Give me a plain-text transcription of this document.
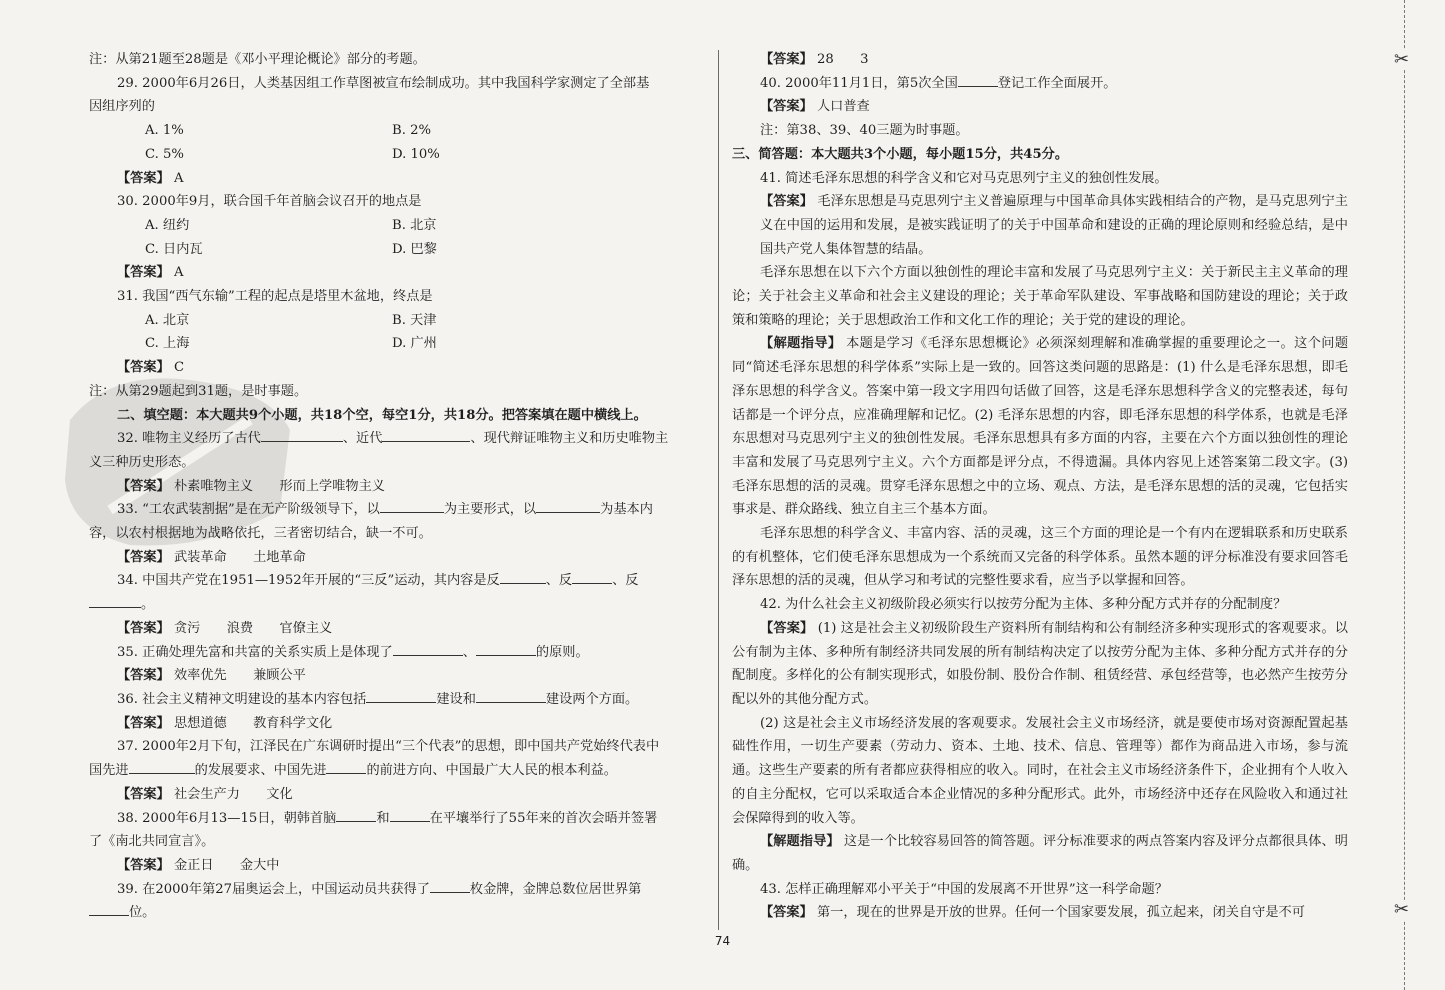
注：从第21题至28题是《邓小平理论概论》部分的考题。

29. 2000年6月26日，人类基因组工作草图被宣布绘制成功。其中我国科学家测定了全部基

因组序列的

A. 1%	B. 2%
C. 5%	D. 10%

【答案】 A

30. 2000年9月，联合国千年首脑会议召开的地点是

A. 纽约	B. 北京
C. 日内瓦	D. 巴黎

【答案】 A

31. 我国“西气东输”工程的起点是塔里木盆地，终点是

A. 北京	B. 天津
C. 上海	D. 广州

【答案】 C

注：从第29题起到31题，是时事题。

二、填空题：本大题共9个小题，共18个空，每空1分，共18分。把答案填在题中横线上。

32. 唯物主义经历了古代	、近代	、现代辩证唯物主义和历史唯物主

义三种历史形态。

【答案】 朴素唯物主义　　形而上学唯物主义

33. “工农武装割据”是在无产阶级领导下，以	为主要形式，以	为基本内

容，以农村根据地为战略依托，三者密切结合，缺一不可。

【答案】 武装革命　　土地革命

34. 中国共产党在1951—1952年开展的“三反”运动，其内容是反	、反	、反

。

【答案】 贪污　　浪费　　官僚主义

35. 正确处理先富和共富的关系实质上是体现了	、	的原则。

【答案】 效率优先　　兼顾公平

36. 社会主义精神文明建设的基本内容包括	建设和	建设两个方面。

【答案】 思想道德　　教育科学文化

37. 2000年2月下旬，江泽民在广东调研时提出“三个代表”的思想，即中国共产党始终代表中

国先进	的发展要求、中国先进	的前进方向、中国最广大人民的根本利益。

【答案】 社会生产力　　文化

38. 2000年6月13—15日，朝韩首脑	和	在平壤举行了55年来的首次会晤并签署

了《南北共同宣言》。

【答案】 金正日　　金大中

39. 在2000年第27届奥运会上，中国运动员共获得了	枚金牌，金牌总数位居世界第

位。

【答案】 28　　3

40. 2000年11月1日，第5次全国	登记工作全面展开。

【答案】 人口普查

注：第38、39、40三题为时事题。

三、简答题：本大题共3个小题，每小题15分，共45分。

41. 简述毛泽东思想的科学含义和它对马克思列宁主义的独创性发展。

【答案】 毛泽东思想是马克思列宁主义普遍原理与中国革命具体实践相结合的产物，是马克思列宁主义在中国的运用和发展，是被实践证明了的关于中国革命和建设的正确的理论原则和经验总结，是中国共产党人集体智慧的结晶。

毛泽东思想在以下六个方面以独创性的理论丰富和发展了马克思列宁主义：关于新民主主义革命的理论；关于社会主义革命和社会主义建设的理论；关于革命军队建设、军事战略和国防建设的理论；关于政策和策略的理论；关于思想政治工作和文化工作的理论；关于党的建设的理论。

【解题指导】 本题是学习《毛泽东思想概论》必须深刻理解和准确掌握的重要理论之一。这个问题同“简述毛泽东思想的科学体系”实际上是一致的。回答这类问题的思路是：(1) 什么是毛泽东思想，即毛泽东思想的科学含义。答案中第一段文字用四句话做了回答，这是毛泽东思想科学含义的完整表述，每句话都是一个评分点，应准确理解和记忆。(2) 毛泽东思想的内容，即毛泽东思想的科学体系，也就是毛泽东思想对马克思列宁主义的独创性发展。毛泽东思想具有多方面的内容，主要在六个方面以独创性的理论丰富和发展了马克思列宁主义。六个方面都是评分点，不得遗漏。具体内容见上述答案第二段文字。(3) 毛泽东思想的活的灵魂。贯穿毛泽东思想之中的立场、观点、方法，是毛泽东思想的活的灵魂，它包括实事求是、群众路线、独立自主三个基本方面。

毛泽东思想的科学含义、丰富内容、活的灵魂，这三个方面的理论是一个有内在逻辑联系和历史联系的有机整体，它们使毛泽东思想成为一个系统而又完备的科学体系。虽然本题的评分标准没有要求回答毛泽东思想的活的灵魂，但从学习和考试的完整性要求看，应当予以掌握和回答。

42. 为什么社会主义初级阶段必须实行以按劳分配为主体、多种分配方式并存的分配制度？

【答案】 (1) 这是社会主义初级阶段生产资料所有制结构和公有制经济多种实现形式的客观要求。以公有制为主体、多种所有制经济共同发展的所有制结构决定了以按劳分配为主体、多种分配方式并存的分配制度。多样化的公有制实现形式，如股份制、股份合作制、租赁经营、承包经营等，也必然产生按劳分配以外的其他分配方式。

(2) 这是社会主义市场经济发展的客观要求。发展社会主义市场经济，就是要使市场对资源配置起基础性作用，一切生产要素（劳动力、资本、土地、技术、信息、管理等）都作为商品进入市场，参与流通。这些生产要素的所有者都应获得相应的收入。同时，在社会主义市场经济条件下，企业拥有个人收入的自主分配权，它可以采取适合本企业情况的多种分配形式。此外，市场经济中还存在风险收入和通过社会保障得到的收入等。

【解题指导】 这是一个比较容易回答的简答题。评分标准要求的两点答案内容及评分点都很具体、明确。

43. 怎样正确理解邓小平关于“中国的发展离不开世界”这一科学命题？

【答案】 第一，现在的世界是开放的世界。任何一个国家要发展，孤立起来，闭关自守是不可

74
✂
✂
